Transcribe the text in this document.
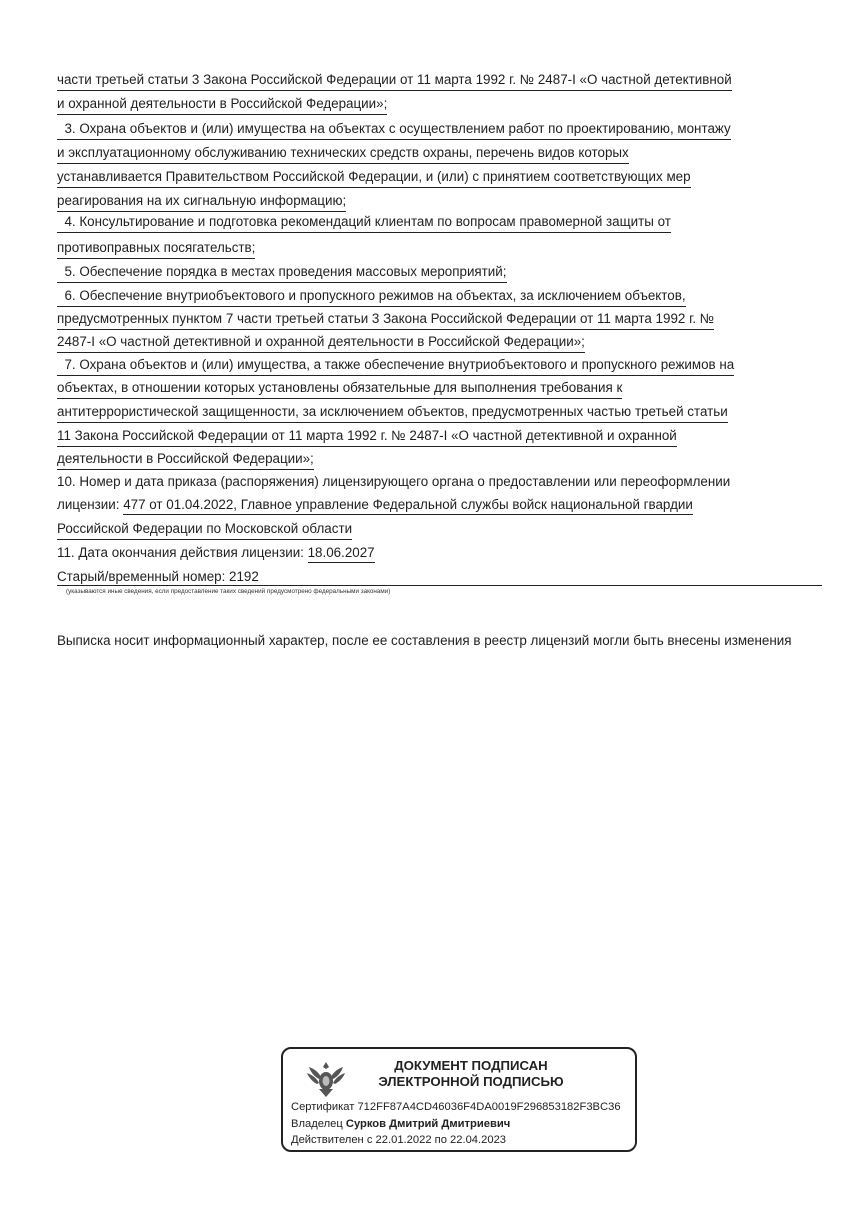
части третьей статьи 3 Закона Российской Федерации от 11 марта 1992 г. № 2487-I «О частной детективной
и охранной деятельности в Российской Федерации»;
3. Охрана объектов и (или) имущества на объектах с осуществлением работ по проектированию, монтажу
и эксплуатационному обслуживанию технических средств охраны, перечень видов которых
устанавливается Правительством Российской Федерации, и (или) с принятием соответствующих мер
реагирования на их сигнальную информацию;
4. Консультирование и подготовка рекомендаций клиентам по вопросам правомерной защиты от
противоправных посягательств;
5. Обеспечение порядка в местах проведения массовых мероприятий;
6. Обеспечение внутриобъектового и пропускного режимов на объектах, за исключением объектов,
предусмотренных пунктом 7 части третьей статьи 3 Закона Российской Федерации от 11 марта 1992 г. №
2487-I «О частной детективной и охранной деятельности в Российской Федерации»;
7. Охрана объектов и (или) имущества, а также обеспечение внутриобъектового и пропускного режимов на
объектах, в отношении которых установлены обязательные для выполнения требования к
антитеррористической защищенности, за исключением объектов, предусмотренных частью третьей статьи
11 Закона Российской Федерации от 11 марта 1992 г. № 2487-I «О частной детективной и охранной
деятельности в Российской Федерации»;
10. Номер и дата приказа (распоряжения) лицензирующего органа о предоставлении или переоформлении
лицензии: 477 от 01.04.2022, Главное управление Федеральной службы войск национальной гвардии
Российской Федерации по Московской области
11. Дата окончания действия лицензии: 18.06.2027
Старый/временный номер: 2192
(указываются иные сведения, если предоставление таких сведений предусмотрено федеральными законами)
Выписка носит информационный характер, после ее составления в реестр лицензий могли быть внесены изменения
ДОКУМЕНТ ПОДПИСАН
ЭЛЕКТРОННОЙ ПОДПИСЬЮ
Сертификат 712FF87A4CD46036F4DA0019F296853182F3BC36
Владелец Сурков Дмитрий Дмитриевич
Действителен с 22.01.2022 по 22.04.2023
